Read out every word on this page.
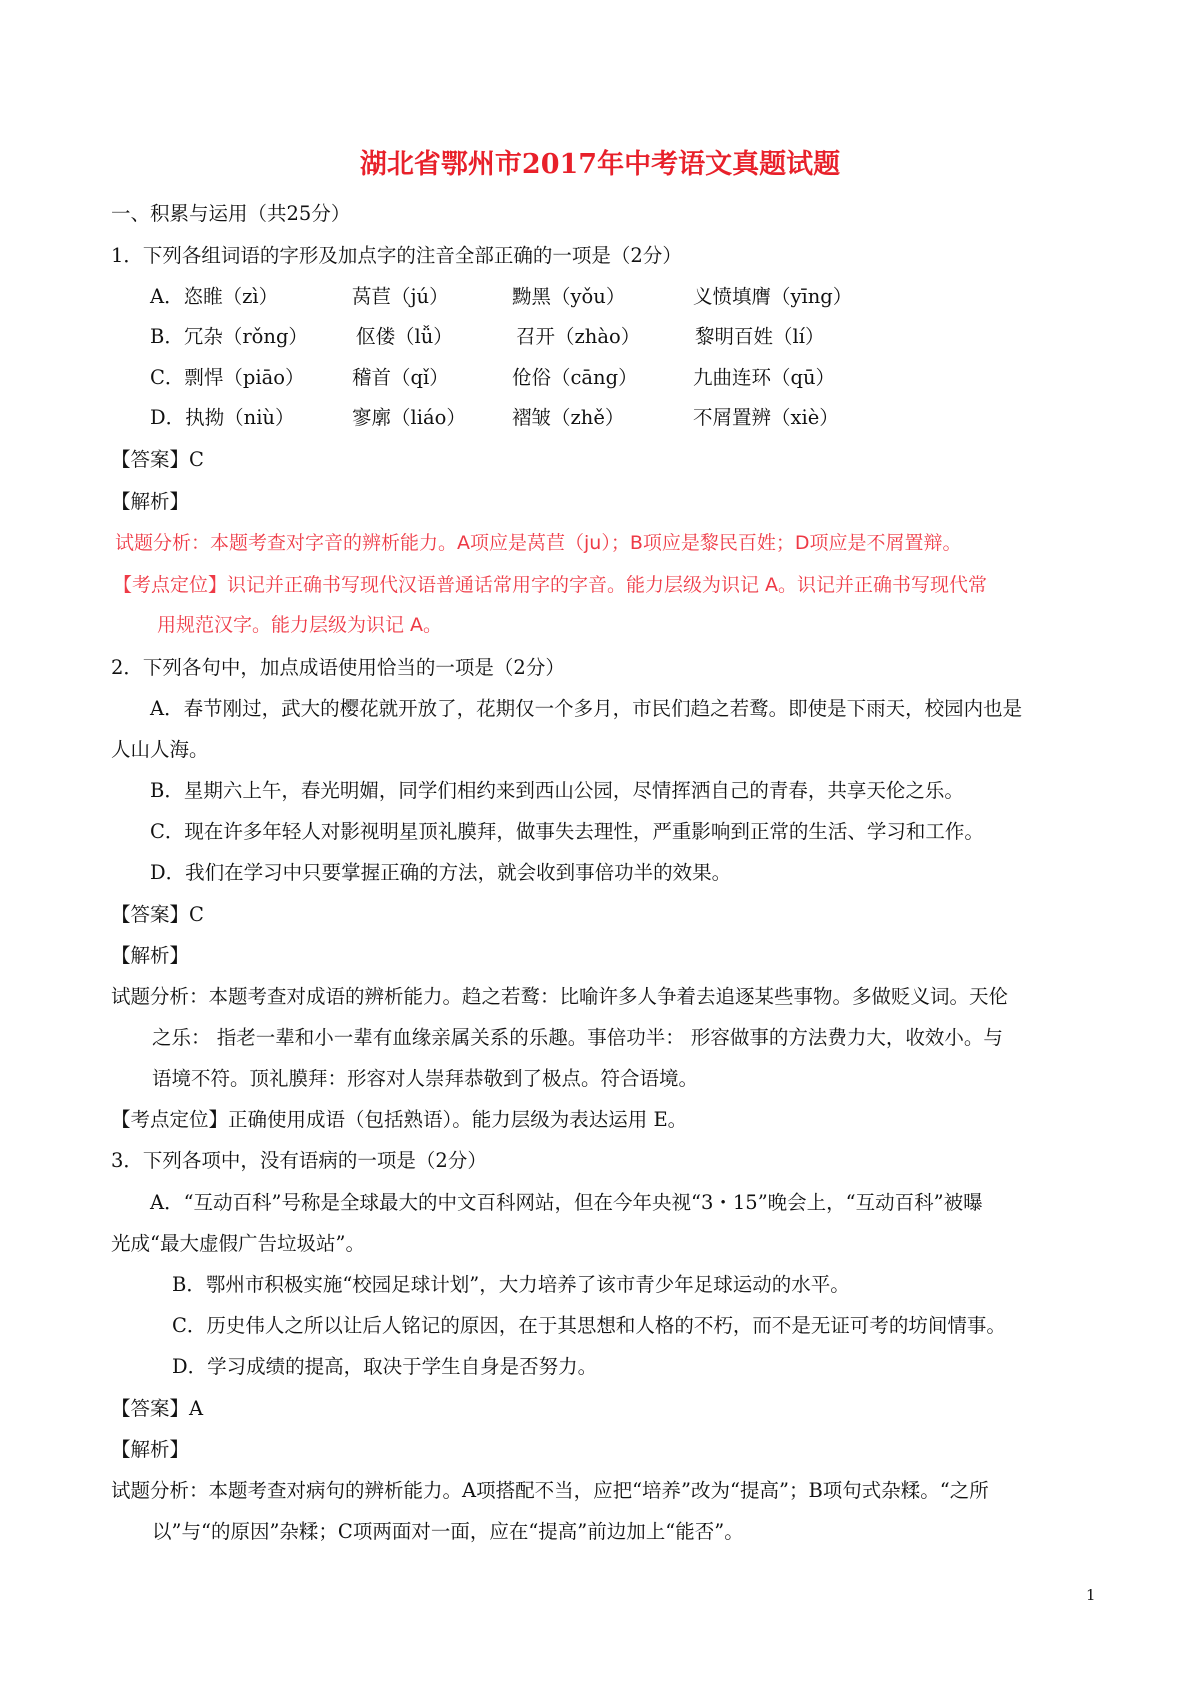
湖北省鄂州市2017年中考语文真题试题
一、积累与运用（共25分）
1．下列各组词语的字形及加点字的注音全部正确的一项是（2分）
A．恣睢（zì）	莴苣（jú）	黝黑（yǒu）	义愤填膺（yīng）
B．冗杂（rǒng） 伛偻（lǚ）	召开（zhào）	黎明百姓（lí）
C．剽悍（piāo） 稽首（qǐ）	伧俗（cāng）	九曲连环（qū）
D．执拗（niù）	寥廓（liáo） 褶皱（zhě）	不屑置辨（xiè）
【答案】C
【解析】
试题分析：本题考查对字音的辨析能力。A项应是莴苣（ju）；B项应是黎民百姓；D项应是不屑置辩。
【考点定位】识记并正确书写现代汉语普通话常用字的字音。能力层级为识记 A。识记并正确书写现代常
用规范汉字。能力层级为识记 A。
2．下列各句中，加点成语使用恰当的一项是（2分）
A．春节刚过，武大的樱花就开放了，花期仅一个多月，市民们趋之若鹜。即使是下雨天，校园内也是
人山人海。
B．星期六上午，春光明媚，同学们相约来到西山公园，尽情挥洒自己的青春，共享天伦之乐。
C．现在许多年轻人对影视明星顶礼膜拜，做事失去理性，严重影响到正常的生活、学习和工作。
D．我们在学习中只要掌握正确的方法，就会收到事倍功半的效果。
【答案】C
【解析】
试题分析：本题考查对成语的辨析能力。趋之若鹜：比喻许多人争着去追逐某些事物。多做贬义词。天伦
之乐： 指老一辈和小一辈有血缘亲属关系的乐趣。事倍功半： 形容做事的方法费力大，收效小。与
语境不符。顶礼膜拜：形容对人崇拜恭敬到了极点。符合语境。
【考点定位】正确使用成语（包括熟语）。能力层级为表达运用 E。
3．下列各项中，没有语病的一项是（2分）
A．“互动百科”号称是全球最大的中文百科网站，但在今年央视“3・15”晚会上，“互动百科”被曝
光成“最大虚假广告垃圾站”。
B．鄂州市积极实施“校园足球计划”，大力培养了该市青少年足球运动的水平。
C．历史伟人之所以让后人铭记的原因，在于其思想和人格的不朽，而不是无证可考的坊间情事。
D．学习成绩的提高，取决于学生自身是否努力。
【答案】A
【解析】
试题分析：本题考查对病句的辨析能力。A项搭配不当，应把“培养”改为“提高”；B项句式杂糅。“之所
以”与“的原因”杂糅；C项两面对一面，应在“提高”前边加上“能否”。
1
